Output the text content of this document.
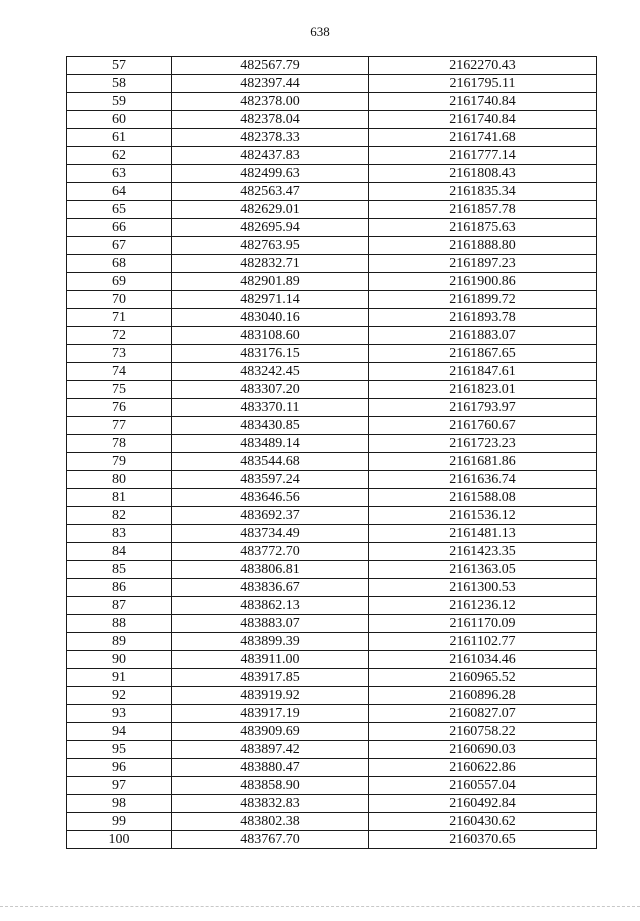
638
57	482567.79	2162270.43
58	482397.44	2161795.11
59	482378.00	2161740.84
60	482378.04	2161740.84
61	482378.33	2161741.68
62	482437.83	2161777.14
63	482499.63	2161808.43
64	482563.47	2161835.34
65	482629.01	2161857.78
66	482695.94	2161875.63
67	482763.95	2161888.80
68	482832.71	2161897.23
69	482901.89	2161900.86
70	482971.14	2161899.72
71	483040.16	2161893.78
72	483108.60	2161883.07
73	483176.15	2161867.65
74	483242.45	2161847.61
75	483307.20	2161823.01
76	483370.11	2161793.97
77	483430.85	2161760.67
78	483489.14	2161723.23
79	483544.68	2161681.86
80	483597.24	2161636.74
81	483646.56	2161588.08
82	483692.37	2161536.12
83	483734.49	2161481.13
84	483772.70	2161423.35
85	483806.81	2161363.05
86	483836.67	2161300.53
87	483862.13	2161236.12
88	483883.07	2161170.09
89	483899.39	2161102.77
90	483911.00	2161034.46
91	483917.85	2160965.52
92	483919.92	2160896.28
93	483917.19	2160827.07
94	483909.69	2160758.22
95	483897.42	2160690.03
96	483880.47	2160622.86
97	483858.90	2160557.04
98	483832.83	2160492.84
99	483802.38	2160430.62
100	483767.70	2160370.65
